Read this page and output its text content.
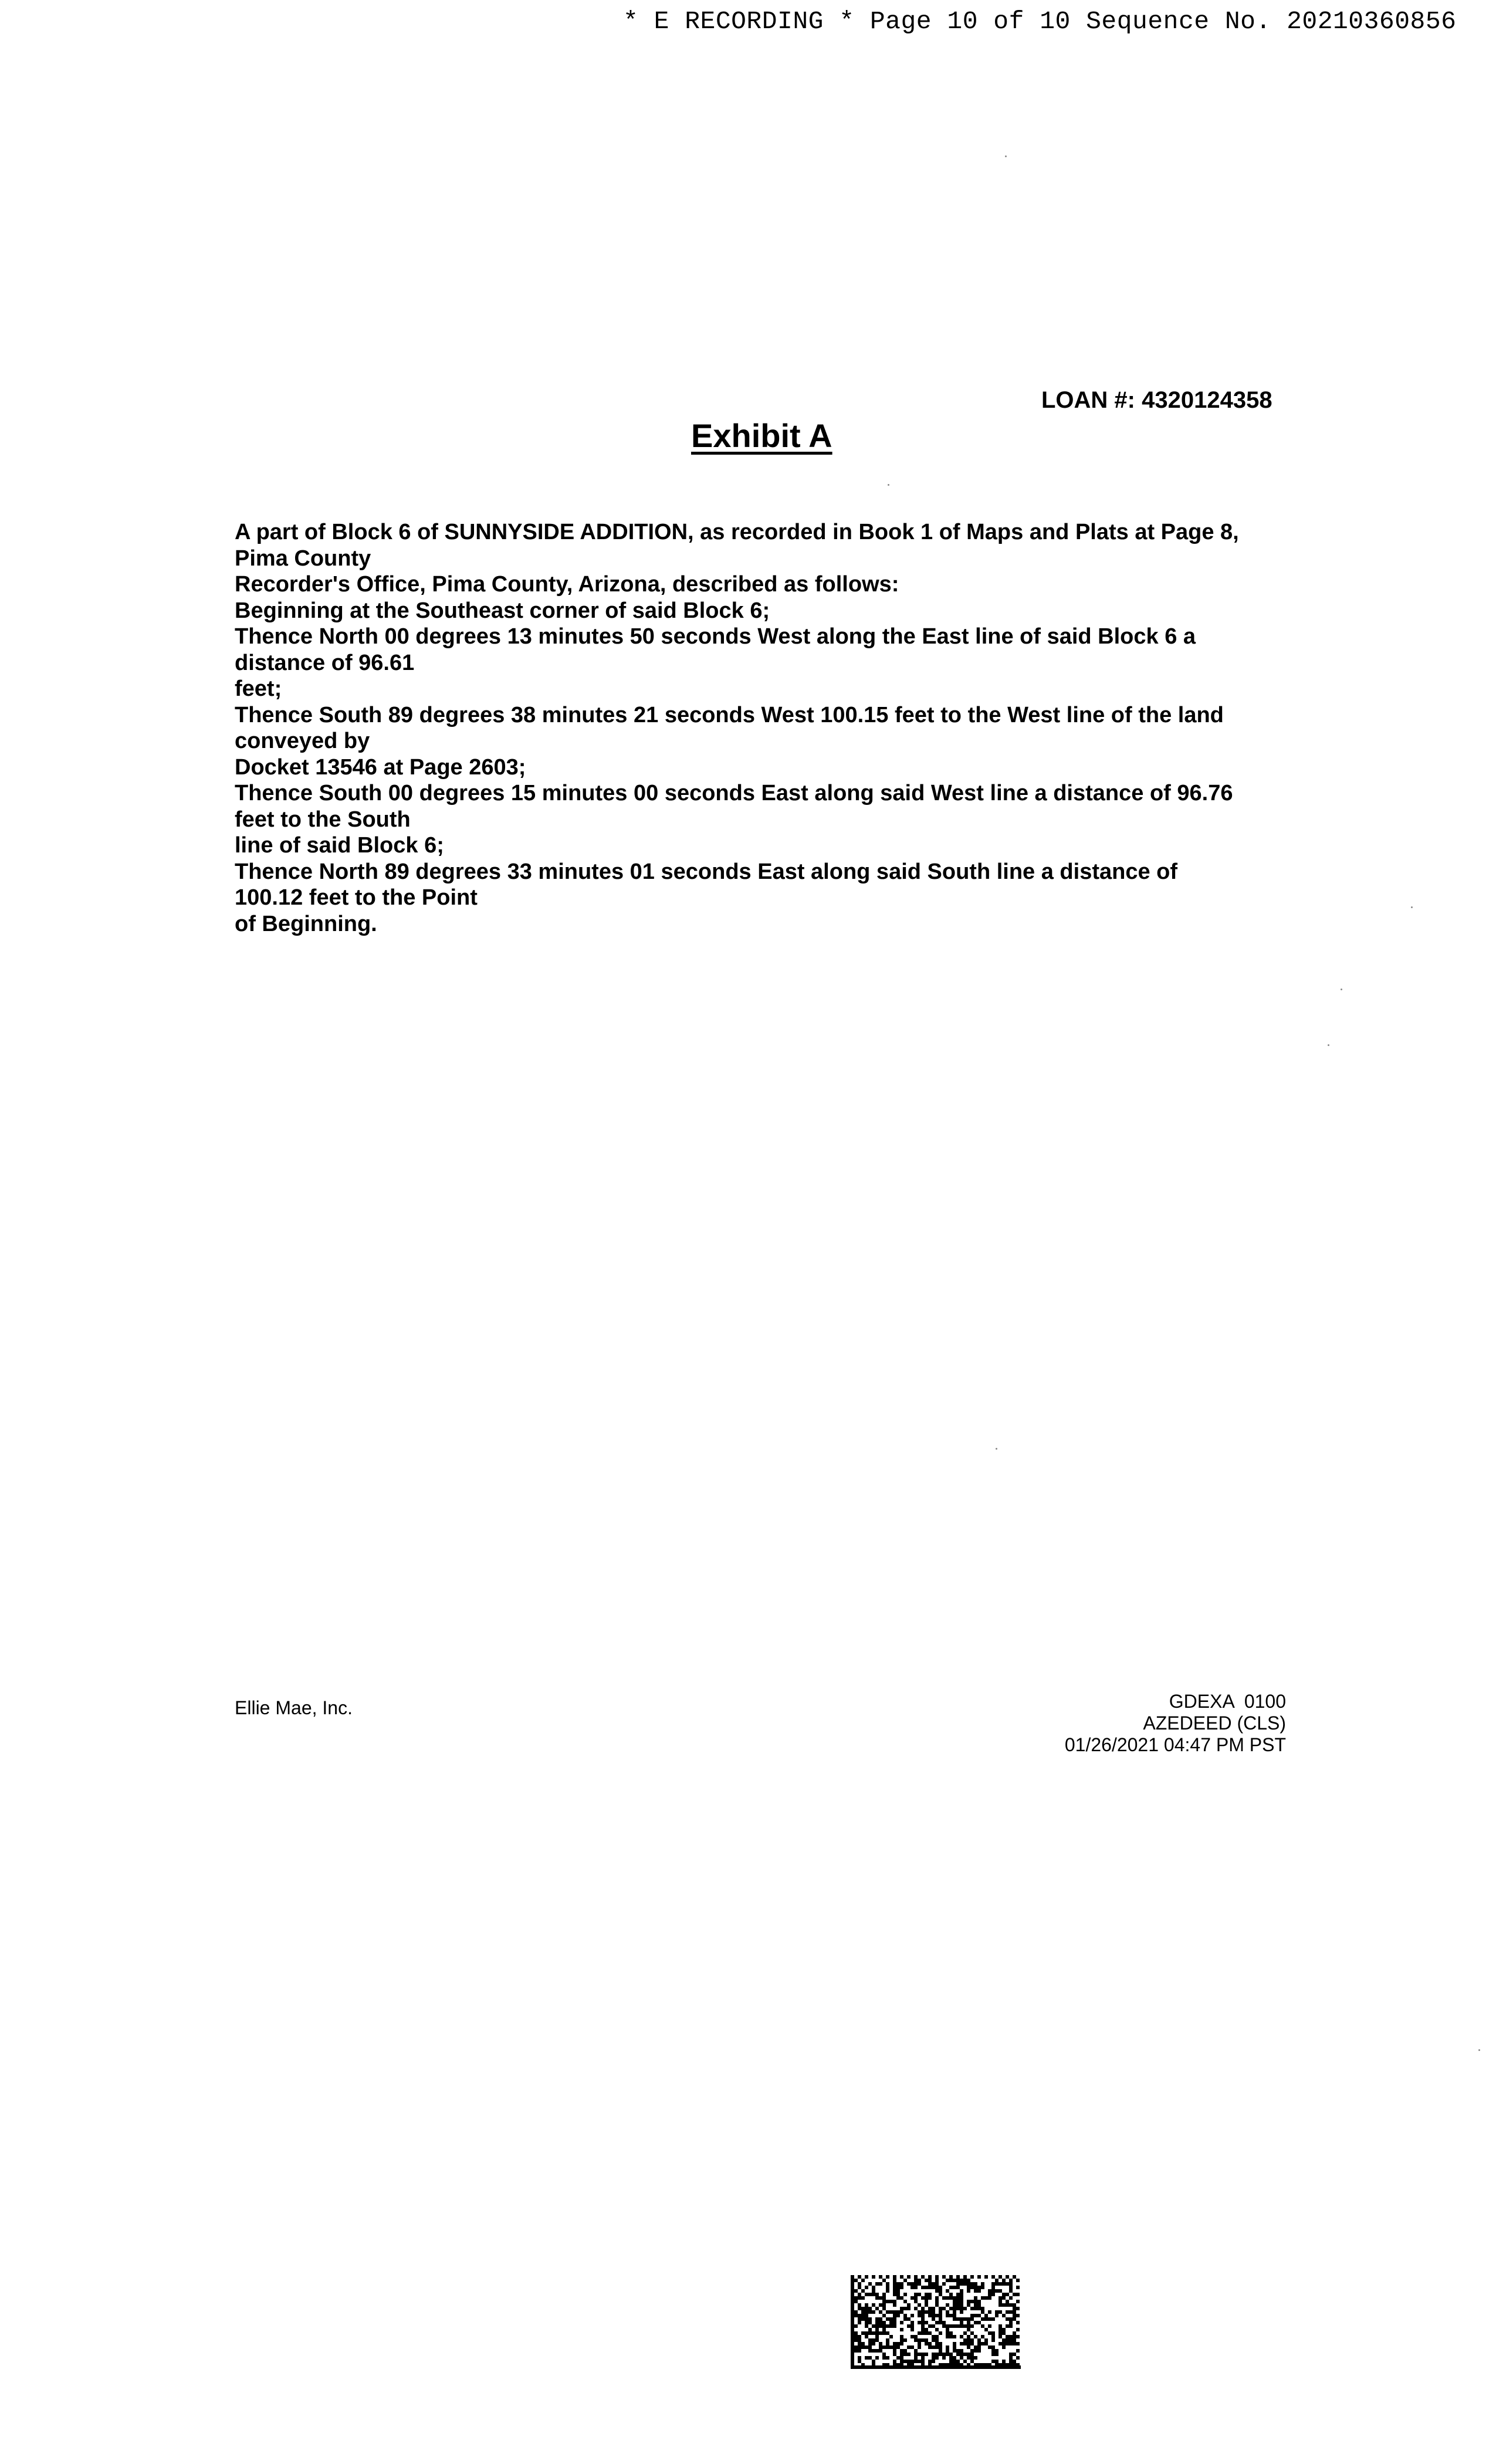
* E RECORDING * Page 10 of 10 Sequence No. 20210360856
LOAN #: 4320124358
Exhibit A
A part of Block 6 of SUNNYSIDE ADDITION, as recorded in Book 1 of Maps and Plats at Page 8,
Pima County
Recorder's Office, Pima County, Arizona, described as follows:
Beginning at the Southeast corner of said Block 6;
Thence North 00 degrees 13 minutes 50 seconds West along the East line of said Block 6 a
distance of 96.61
feet;
Thence South 89 degrees 38 minutes 21 seconds West 100.15 feet to the West line of the land
conveyed by
Docket 13546 at Page 2603;
Thence South 00 degrees 15 minutes 00 seconds East along said West line a distance of 96.76
feet to the South
line of said Block 6;
Thence North 89 degrees 33 minutes 01 seconds East along said South line a distance of
100.12 feet to the Point
of Beginning.
Ellie Mae, Inc.	GDEXA  0100
AZEDEED (CLS)
01/26/2021 04:47 PM PST
